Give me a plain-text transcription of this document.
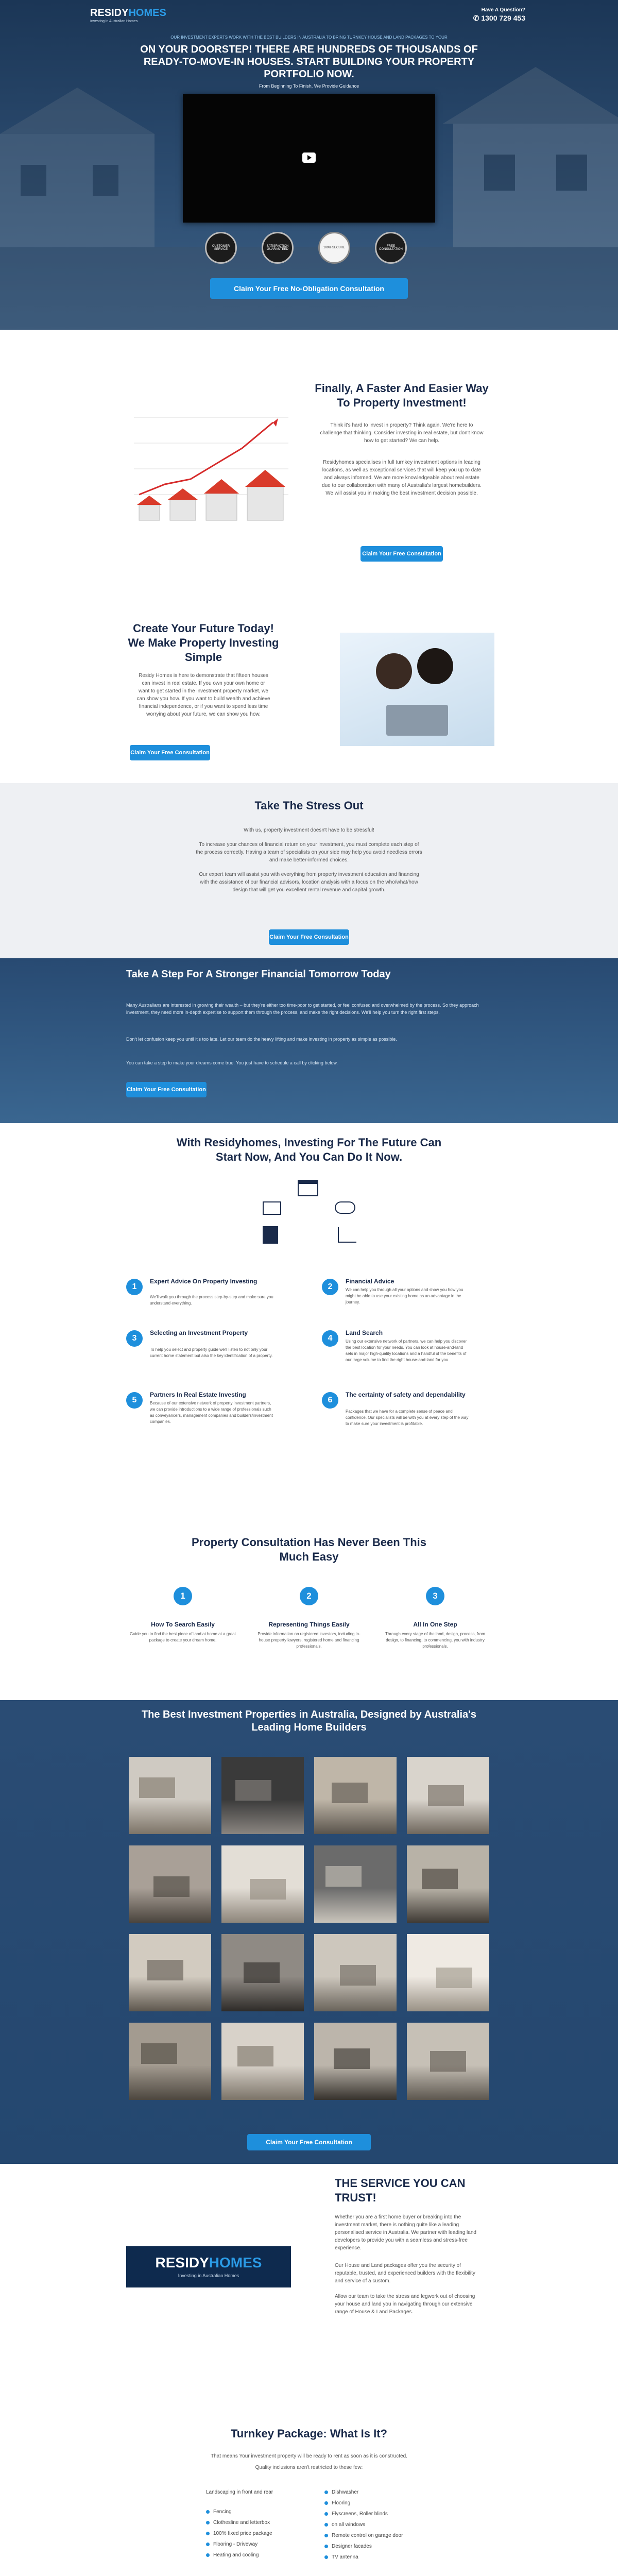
RESIDYHOMES
Investing in Australian Homes
Have A Question?
✆ 1300 729 453
OUR INVESTMENT EXPERTS WORK WITH THE BEST BUILDERS IN AUSTRALIA TO BRING TURNKEY HOUSE AND LAND PACKAGES TO YOUR
ON YOUR DOORSTEP! THERE ARE HUNDREDS OF THOUSANDS OF READY-TO-MOVE-IN HOUSES. START BUILDING YOUR PROPERTY PORTFOLIO NOW.
From Beginning To Finish, We Provide Guidance
CUSTOMER SERVICE
SATISFACTION GUARANTEED	100% SECURE	FREE CONSULTATION
Claim Your Free No-Obligation Consultation
Finally, A Faster And Easier Way To Property Investment!
Think it's hard to invest in property? Think again. We're here to challenge that thinking. Consider investing in real estate, but don't know how to get started? We can help.
Residyhomes specialises in full turnkey investment options in leading locations, as well as exceptional services that will keep you up to date and always informed. We are more knowledgeable about real estate due to our collaboration with many of Australia's largest homebuilders. We will assist you in making the best investment decision possible.
Claim Your Free Consultation
Create Your Future Today! We Make Property Investing Simple
Residy Homes is here to demonstrate that fifteen houses can invest in real estate. If you own your own home or want to get started in the investment property market, we can show you how. If you want to build wealth and achieve financial independence, or if you want to spend less time worrying about your future, we can show you how.
Claim Your Free Consultation
Take The Stress Out
With us, property investment doesn't have to be stressful!
To increase your chances of financial return on your investment, you must complete each step of the process correctly. Having a team of specialists on your side may help you avoid needless errors and make better-informed choices.
Our expert team will assist you with everything from property investment education and financing with the assistance of our financial advisors, location analysis with a focus on the who/what/how design that will get you excellent rental revenue and capital growth.
Claim Your Free Consultation
Take A Step For A Stronger Financial Tomorrow Today
Many Australians are interested in growing their wealth – but they're either too time-poor to get started, or feel confused and overwhelmed by the process. So they approach investment, they need more in-depth expertise to support them through the process, and make the right decisions. We'll help you turn the right first steps.
Don't let confusion keep you until it's too late. Let our team do the heavy lifting and make investing in property as simple as possible.
You can take a step to make your dreams come true. You just have to schedule a call by clicking below.
Claim Your Free Consultation
With Residyhomes, Investing For The Future Can Start Now, And You Can Do It Now.
1
Expert Advice On Property Investing
We'll walk you through the process step-by-step and make sure you understand everything.
2
Financial Advice
We can help you through all your options and show you how you might be able to use your existing home as an advantage in the journey.
3
Selecting an Investment Property
To help you select and property guide we'll listen to not only your current home statement but also the key identification of a property.
4
Land Search
Using our extensive network of partners, we can help you discover the best location for your needs. You can look at house-and-land sets in major high-quality locations and a handful of the benefits of our large volume to find the right house-and-land for you.
5
Partners In Real Estate Investing
Because of our extensive network of property investment partners, we can provide introductions to a wide range of professionals such as conveyancers, management companies and builders/investment companies.
6
The certainty of safety and dependability
Packages that we have for a complete sense of peace and confidence. Our specialists will be with you at every step of the way to make sure your investment is profitable.
Property Consultation Has Never Been This Much Easy
1
How To Search Easily
Guide you to find the best piece of land at home at a great package to create your dream home.
2
Representing Things Easily
Provide information on registered investors, including in-house property lawyers, registered home and financing professionals.
3
All In One Step
Through every stage of the land, design, process, from design, to financing, to commencing, you with industry professionals.
The Best Investment Properties in Australia, Designed by Australia's Leading Home Builders
Claim Your Free Consultation
RESIDYHOMES
Investing in Australian Homes
THE SERVICE YOU CAN TRUST!
Whether you are a first home buyer or breaking into the investment market, there is nothing quite like a leading personalised service in Australia. We partner with leading land developers to provide you with a seamless and stress-free experience.
Our House and Land packages offer you the security of reputable, trusted, and experienced builders with the flexibility and service of a custom.
Allow our team to take the stress and legwork out of choosing your house and land you in navigating through our extensive range of House & Land Packages.
Turnkey Package: What Is It?
That means Your investment property will be ready to rent as soon as it is constructed.
Quality inclusions aren't restricted to these few:
Landscaping in front and rear
Fencing
Clothesline and letterbox
100% fixed price package
Flooring - Driveway
Heating and cooling
Dishwasher
Flooring
Flyscreens, Roller blinds
on all windows
Remote control on garage door
Designer facades
TV antenna
